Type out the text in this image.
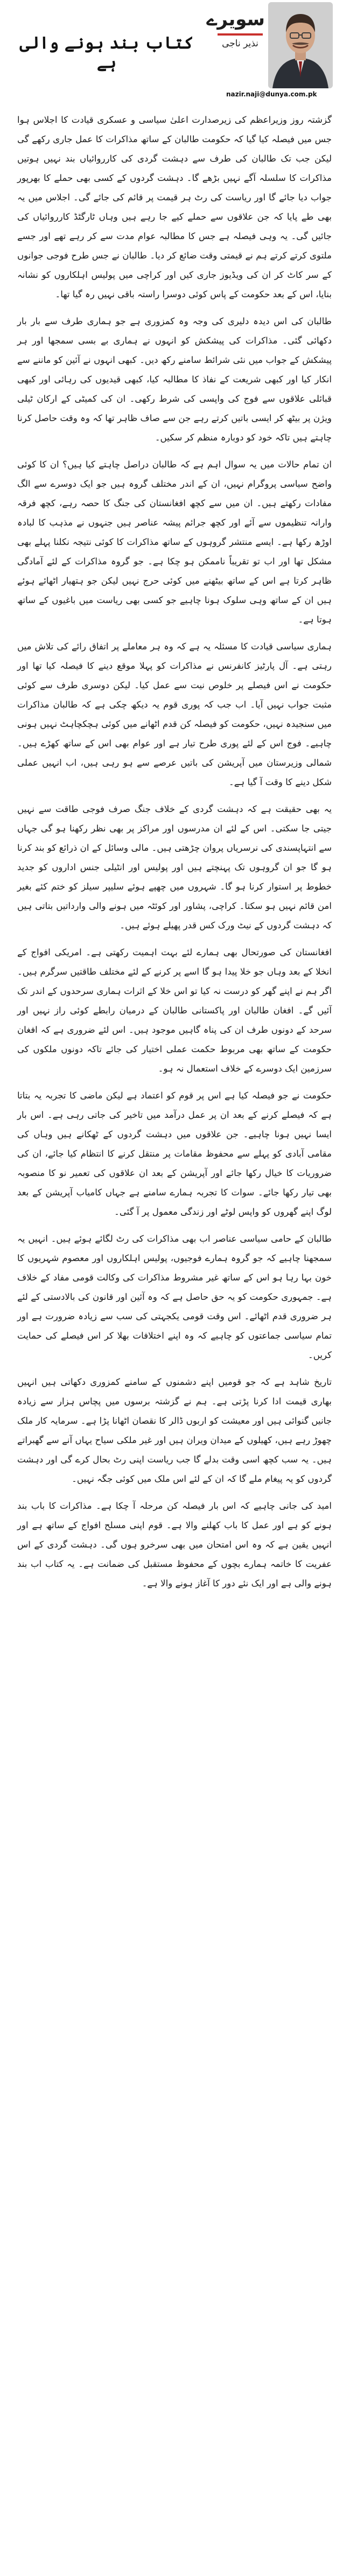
کتاب بند ہونے والی ہے
سویرے
نذیر ناجی
nazir.naji@dunya.com.pk

گزشتہ روز وزیراعظم کی زیرصدارت اعلیٰ سیاسی و عسکری قیادت کا اجلاس ہوا جس میں فیصلہ کیا گیا کہ حکومت طالبان کے ساتھ مذاکرات کا عمل جاری رکھے گی لیکن جب تک طالبان کی طرف سے دہشت گردی کی کارروائیاں بند نہیں ہوتیں مذاکرات کا سلسلہ آگے نہیں بڑھے گا۔ دہشت گردوں کے کسی بھی حملے کا بھرپور جواب دیا جائے گا اور ریاست کی رٹ ہر قیمت پر قائم کی جائے گی۔ اجلاس میں یہ بھی طے پایا کہ جن علاقوں سے حملے کیے جا رہے ہیں وہاں ٹارگٹڈ کارروائیاں کی جائیں گی۔ یہ وہی فیصلہ ہے جس کا مطالبہ عوام مدت سے کر رہے تھے اور جسے ملتوی کرتے کرتے ہم نے قیمتی وقت ضائع کر دیا۔ طالبان نے جس طرح فوجی جوانوں کے سر کاٹ کر ان کی ویڈیوز جاری کیں اور کراچی میں پولیس اہلکاروں کو نشانہ بنایا، اس کے بعد حکومت کے پاس کوئی دوسرا راستہ باقی نہیں رہ گیا تھا۔

طالبان کی اس دیدہ دلیری کی وجہ وہ کمزوری ہے جو ہماری طرف سے بار بار دکھائی گئی۔ مذاکرات کی پیشکش کو انہوں نے ہماری بے بسی سمجھا اور ہر پیشکش کے جواب میں نئی شرائط سامنے رکھ دیں۔ کبھی انہوں نے آئین کو ماننے سے انکار کیا اور کبھی شریعت کے نفاذ کا مطالبہ کیا، کبھی قیدیوں کی رہائی اور کبھی قبائلی علاقوں سے فوج کی واپسی کی شرط رکھی۔ ان کی کمیٹی کے ارکان ٹیلی ویژن پر بیٹھ کر ایسی باتیں کرتے رہے جن سے صاف ظاہر تھا کہ وہ وقت حاصل کرنا چاہتے ہیں تاکہ خود کو دوبارہ منظم کر سکیں۔

ان تمام حالات میں یہ سوال اہم ہے کہ طالبان دراصل چاہتے کیا ہیں؟ ان کا کوئی واضح سیاسی پروگرام نہیں، ان کے اندر مختلف گروہ ہیں جو ایک دوسرے سے الگ مفادات رکھتے ہیں۔ ان میں سے کچھ افغانستان کی جنگ کا حصہ رہے، کچھ فرقہ وارانہ تنظیموں سے آئے اور کچھ جرائم پیشہ عناصر ہیں جنہوں نے مذہب کا لبادہ اوڑھ رکھا ہے۔ ایسے منتشر گروہوں کے ساتھ مذاکرات کا کوئی نتیجہ نکلنا پہلے بھی مشکل تھا اور اب تو تقریباً ناممکن ہو چکا ہے۔ جو گروہ مذاکرات کے لئے آمادگی ظاہر کرتا ہے اس کے ساتھ بیٹھنے میں کوئی حرج نہیں لیکن جو ہتھیار اٹھائے ہوئے ہیں ان کے ساتھ وہی سلوک ہونا چاہیے جو کسی بھی ریاست میں باغیوں کے ساتھ ہوتا ہے۔

ہماری سیاسی قیادت کا مسئلہ یہ ہے کہ وہ ہر معاملے پر اتفاق رائے کی تلاش میں رہتی ہے۔ آل پارٹیز کانفرنس نے مذاکرات کو پہلا موقع دینے کا فیصلہ کیا تھا اور حکومت نے اس فیصلے پر خلوص نیت سے عمل کیا۔ لیکن دوسری طرف سے کوئی مثبت جواب نہیں آیا۔ اب جب کہ پوری قوم یہ دیکھ چکی ہے کہ طالبان مذاکرات میں سنجیدہ نہیں، حکومت کو فیصلہ کن قدم اٹھانے میں کوئی ہچکچاہٹ نہیں ہونی چاہیے۔ فوج اس کے لئے پوری طرح تیار ہے اور عوام بھی اس کے ساتھ کھڑے ہیں۔ شمالی وزیرستان میں آپریشن کی باتیں عرصے سے ہو رہی ہیں، اب انہیں عملی شکل دینے کا وقت آ گیا ہے۔

یہ بھی حقیقت ہے کہ دہشت گردی کے خلاف جنگ صرف فوجی طاقت سے نہیں جیتی جا سکتی۔ اس کے لئے ان مدرسوں اور مراکز پر بھی نظر رکھنا ہو گی جہاں سے انتہاپسندی کی نرسریاں پروان چڑھتی ہیں۔ مالی وسائل کے ان ذرائع کو بند کرنا ہو گا جو ان گروہوں تک پہنچتے ہیں اور پولیس اور انٹیلی جنس اداروں کو جدید خطوط پر استوار کرنا ہو گا۔ شہروں میں چھپے ہوئے سلیپر سیلز کو ختم کئے بغیر امن قائم نہیں ہو سکتا۔ کراچی، پشاور اور کوئٹہ میں ہونے والی وارداتیں بتاتی ہیں کہ دہشت گردوں کے نیٹ ورک کس قدر پھیلے ہوئے ہیں۔

افغانستان کی صورتحال بھی ہمارے لئے بہت اہمیت رکھتی ہے۔ امریکی افواج کے انخلا کے بعد وہاں جو خلا پیدا ہو گا اسے پر کرنے کے لئے مختلف طاقتیں سرگرم ہیں۔ اگر ہم نے اپنے گھر کو درست نہ کیا تو اس خلا کے اثرات ہماری سرحدوں کے اندر تک آئیں گے۔ افغان طالبان اور پاکستانی طالبان کے درمیان رابطے کوئی راز نہیں اور سرحد کے دونوں طرف ان کی پناہ گاہیں موجود ہیں۔ اس لئے ضروری ہے کہ افغان حکومت کے ساتھ بھی مربوط حکمت عملی اختیار کی جائے تاکہ دونوں ملکوں کی سرزمین ایک دوسرے کے خلاف استعمال نہ ہو۔

حکومت نے جو فیصلہ کیا ہے اس پر قوم کو اعتماد ہے لیکن ماضی کا تجربہ یہ بتاتا ہے کہ فیصلے کرنے کے بعد ان پر عمل درآمد میں تاخیر کی جاتی رہی ہے۔ اس بار ایسا نہیں ہونا چاہیے۔ جن علاقوں میں دہشت گردوں کے ٹھکانے ہیں وہاں کی مقامی آبادی کو پہلے سے محفوظ مقامات پر منتقل کرنے کا انتظام کیا جائے، ان کی ضروریات کا خیال رکھا جائے اور آپریشن کے بعد ان علاقوں کی تعمیر نو کا منصوبہ بھی تیار رکھا جائے۔ سوات کا تجربہ ہمارے سامنے ہے جہاں کامیاب آپریشن کے بعد لوگ اپنے گھروں کو واپس لوٹے اور زندگی معمول پر آ گئی۔

طالبان کے حامی سیاسی عناصر اب بھی مذاکرات کی رٹ لگائے ہوئے ہیں۔ انہیں یہ سمجھنا چاہیے کہ جو گروہ ہمارے فوجیوں، پولیس اہلکاروں اور معصوم شہریوں کا خون بہا رہا ہو اس کے ساتھ غیر مشروط مذاکرات کی وکالت قومی مفاد کے خلاف ہے۔ جمہوری حکومت کو یہ حق حاصل ہے کہ وہ آئین اور قانون کی بالادستی کے لئے ہر ضروری قدم اٹھائے۔ اس وقت قومی یکجہتی کی سب سے زیادہ ضرورت ہے اور تمام سیاسی جماعتوں کو چاہیے کہ وہ اپنے اختلافات بھلا کر اس فیصلے کی حمایت کریں۔

تاریخ شاہد ہے کہ جو قومیں اپنے دشمنوں کے سامنے کمزوری دکھاتی ہیں انہیں بھاری قیمت ادا کرنا پڑتی ہے۔ ہم نے گزشتہ برسوں میں پچاس ہزار سے زیادہ جانیں گنوائی ہیں اور معیشت کو اربوں ڈالر کا نقصان اٹھانا پڑا ہے۔ سرمایہ کار ملک چھوڑ رہے ہیں، کھیلوں کے میدان ویران ہیں اور غیر ملکی سیاح یہاں آنے سے گھبراتے ہیں۔ یہ سب کچھ اسی وقت بدلے گا جب ریاست اپنی رٹ بحال کرے گی اور دہشت گردوں کو یہ پیغام ملے گا کہ ان کے لئے اس ملک میں کوئی جگہ نہیں۔

امید کی جانی چاہیے کہ اس بار فیصلہ کن مرحلہ آ چکا ہے۔ مذاکرات کا باب بند ہونے کو ہے اور عمل کا باب کھلنے والا ہے۔ قوم اپنی مسلح افواج کے ساتھ ہے اور انہیں یقین ہے کہ وہ اس امتحان میں بھی سرخرو ہوں گی۔ دہشت گردی کے اس عفریت کا خاتمہ ہمارے بچوں کے محفوظ مستقبل کی ضمانت ہے۔ یہ کتاب اب بند ہونے والی ہے اور ایک نئے دور کا آغاز ہونے والا ہے۔
